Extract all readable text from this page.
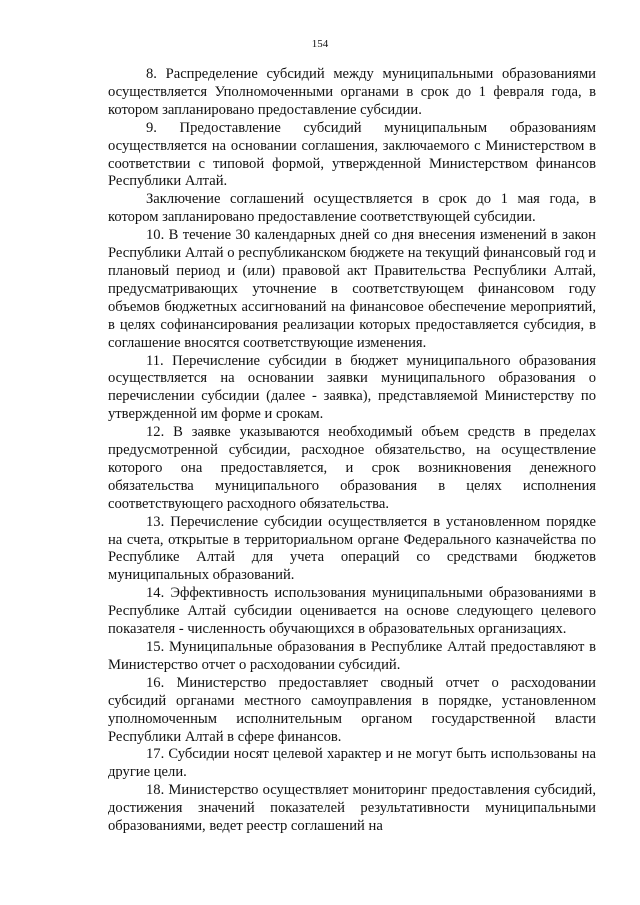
154

8. Распределение субсидий между муниципальными образованиями осуществляется Уполномоченными органами в срок до 1 февраля года, в котором запланировано предоставление субсидии.

9. Предоставление субсидий муниципальным образованиям осуществляется на основании соглашения, заключаемого с Министерством в соответствии с типовой формой, утвержденной Министерством финансов Республики Алтай.

Заключение соглашений осуществляется в срок до 1 мая года, в котором запланировано предоставление соответствующей субсидии.

10. В течение 30 календарных дней со дня внесения изменений в закон Республики Алтай о республиканском бюджете на текущий финансовый год и плановый период и (или) правовой акт Правительства Республики Алтай, предусматривающих уточнение в соответствующем финансовом году объемов бюджетных ассигнований на финансовое обеспечение мероприятий, в целях софинансирования реализации которых предоставляется субсидия, в соглашение вносятся соответствующие изменения.

11. Перечисление субсидии в бюджет муниципального образования осуществляется на основании заявки муниципального образования о перечислении субсидии (далее - заявка), представляемой Министерству по утвержденной им форме и срокам.

12. В заявке указываются необходимый объем средств в пределах предусмотренной субсидии, расходное обязательство, на осуществление которого она предоставляется, и срок возникновения денежного обязательства муниципального образования в целях исполнения соответствующего расходного обязательства.

13. Перечисление субсидии осуществляется в установленном порядке на счета, открытые в территориальном органе Федерального казначейства по Республике Алтай для учета операций со средствами бюджетов муниципальных образований.

14. Эффективность использования муниципальными образованиями в Республике Алтай субсидии оценивается на основе следующего целевого показателя - численность обучающихся в образовательных организациях.

15. Муниципальные образования в Республике Алтай предоставляют в Министерство отчет о расходовании субсидий.

16. Министерство предоставляет сводный отчет о расходовании субсидий органами местного самоуправления в порядке, установленном уполномоченным исполнительным органом государственной власти Республики Алтай в сфере финансов.

17. Субсидии носят целевой характер и не могут быть использованы на другие цели.

18. Министерство осуществляет мониторинг предоставления субсидий, достижения значений показателей результативности муниципальными образованиями, ведет реестр соглашений на
